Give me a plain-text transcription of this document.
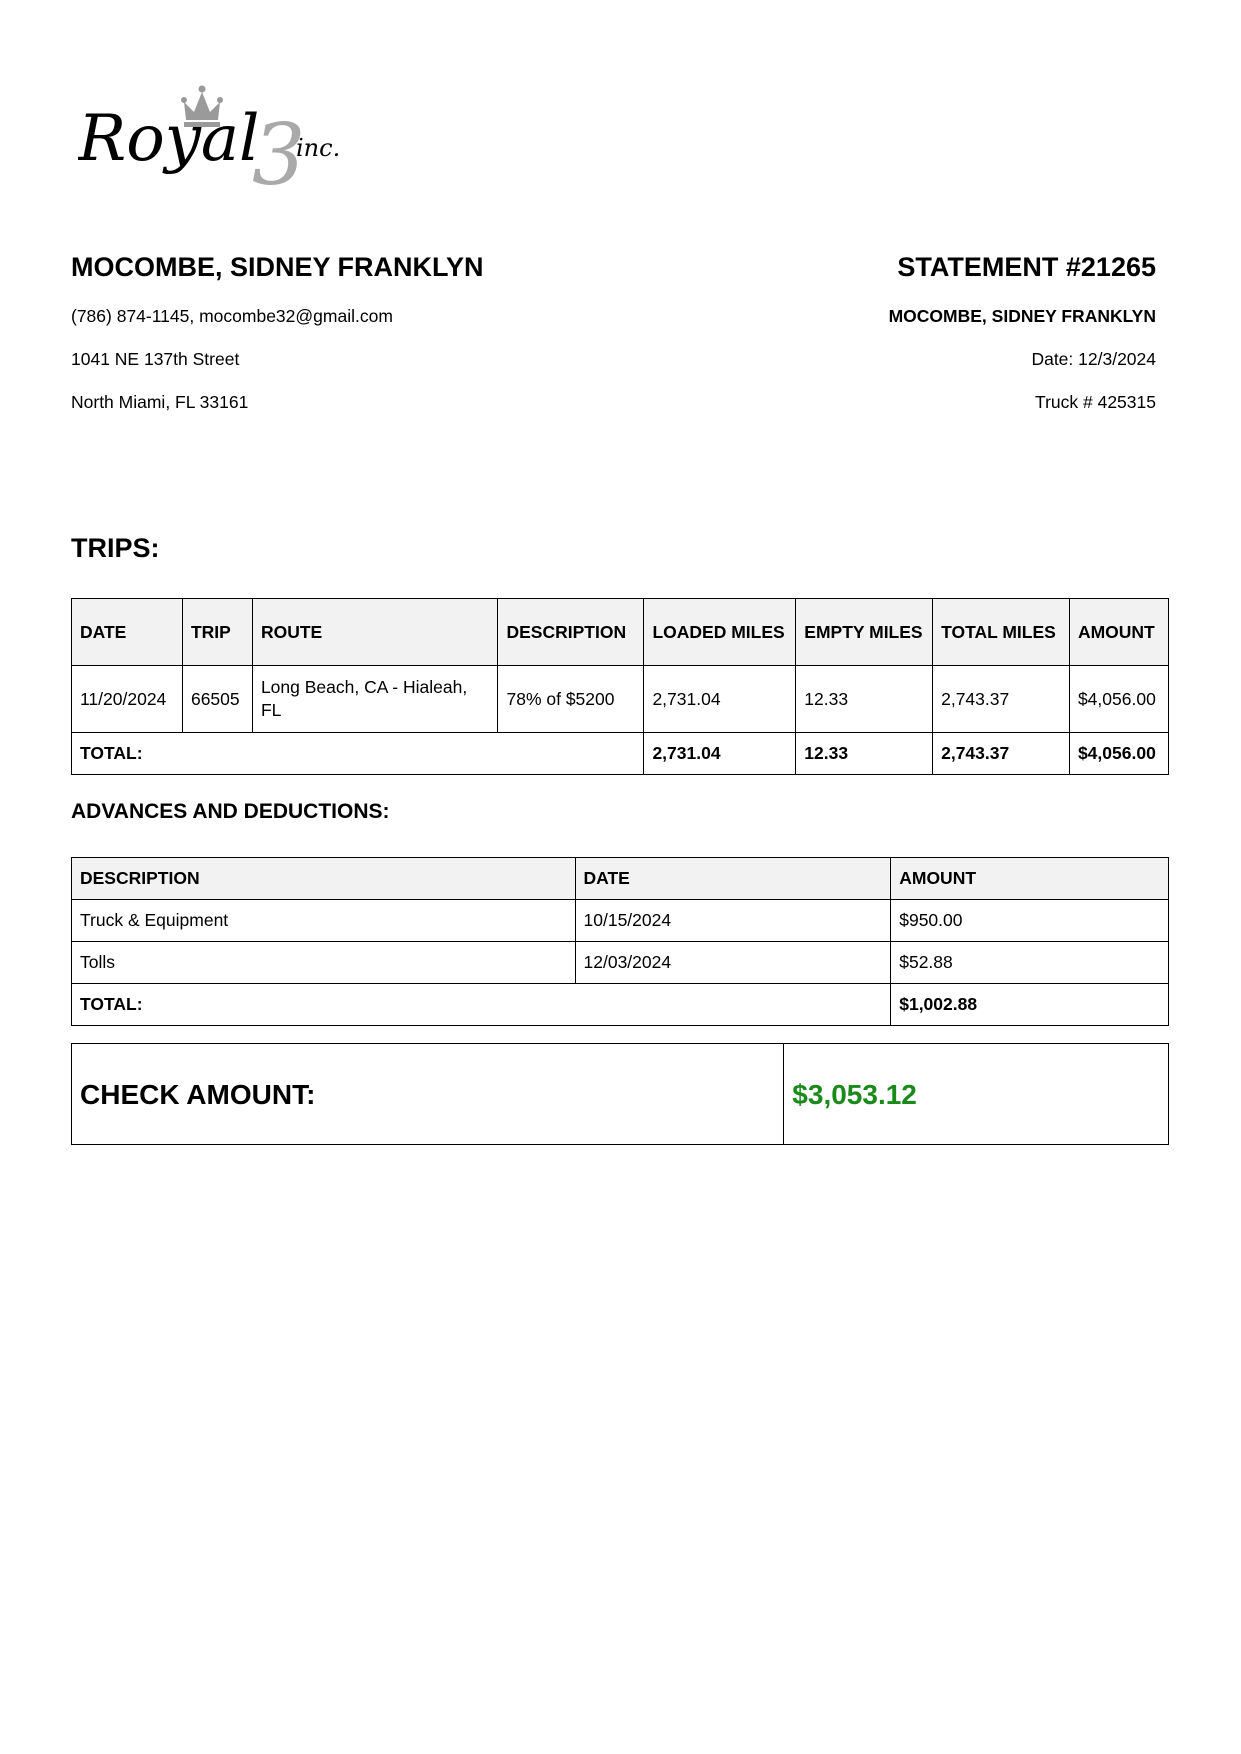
Royal
3
inc.
MOCOMBE, SIDNEY FRANKLYN
(786) 874-1145, mocombe32@gmail.com
1041 NE 137th Street
North Miami, FL 33161
STATEMENT #21265
MOCOMBE, SIDNEY FRANKLYN
Date: 12/3/2024
Truck # 425315
TRIPS:
DATE	TRIP	ROUTE	DESCRIPTION	LOADED MILES	EMPTY MILES	TOTAL MILES	AMOUNT
11/20/2024	66505	Long Beach, CA - Hialeah, FL	78% of $5200	2,731.04	12.33	2,743.37	$4,056.00
TOTAL:				2,731.04	12.33	2,743.37	$4,056.00
ADVANCES AND DEDUCTIONS:
DESCRIPTION	DATE	AMOUNT
Truck & Equipment	10/15/2024	$950.00
Tolls	12/03/2024	$52.88
TOTAL:		$1,002.88
CHECK AMOUNT:	$3,053.12
